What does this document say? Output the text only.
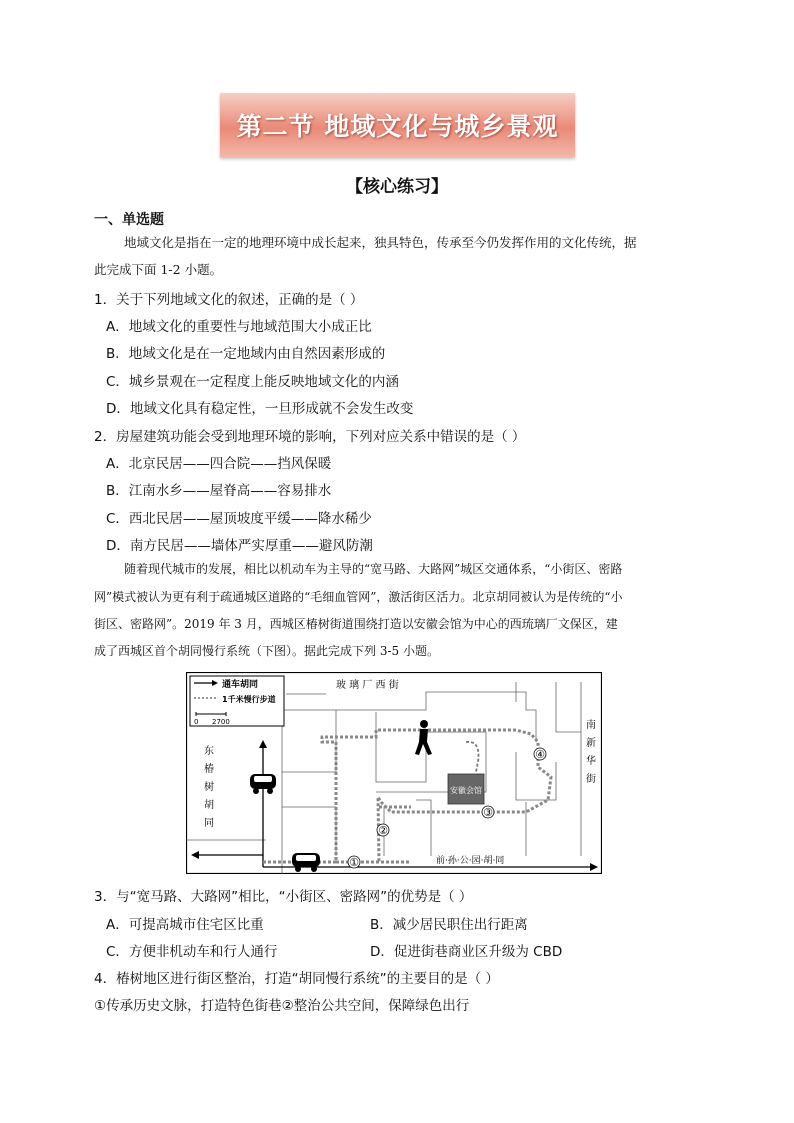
第二节 地域文化与城乡景观
【核心练习】
一、单选题
地域文化是指在一定的地理环境中成长起来，独具特色，传承至今仍发挥作用的文化传统，据
此完成下面 1-2 小题。
1．关于下列地域文化的叙述，正确的是（ ）
A．地域文化的重要性与地域范围大小成正比
B．地域文化是在一定地域内由自然因素形成的
C．城乡景观在一定程度上能反映地域文化的内涵
D．地域文化具有稳定性，一旦形成就不会发生改变
2．房屋建筑功能会受到地理环境的影响，下列对应关系中错误的是（ ）
A．北京民居——四合院——挡风保暖
B．江南水乡——屋脊高——容易排水
C．西北民居——屋顶坡度平缓——降水稀少
D．南方民居——墙体严实厚重——避风防潮
随着现代城市的发展，相比以机动车为主导的“宽马路、大路网”城区交通体系，“小街区、密路
网”模式被认为更有利于疏通城区道路的“毛细血管网”，激活街区活力。北京胡同被认为是传统的“小
街区、密路网”。2019 年 3 月，西城区椿树街道围绕打造以安徽会馆为中心的西琉璃厂文保区，建
成了西城区首个胡同慢行系统（下图）。据此完成下列 3-5 小题。
通车胡同
1千米慢行步道
0 2700
安徽会馆
①
②
③
④
玻 璃 厂 西 街
前·孙·公·园·胡·同
东
椿
树
胡
同
南
新
华
街
3．与“宽马路、大路网”相比，“小街区、密路网”的优势是（ ）
A．可提高城市住宅区比重	B．减少居民职住出行距离
C．方便非机动车和行人通行	D．促进街巷商业区升级为 CBD
4．椿树地区进行街区整治，打造“胡同慢行系统”的主要目的是（ ）
①传承历史文脉，打造特色街巷②整治公共空间，保障绿色出行
